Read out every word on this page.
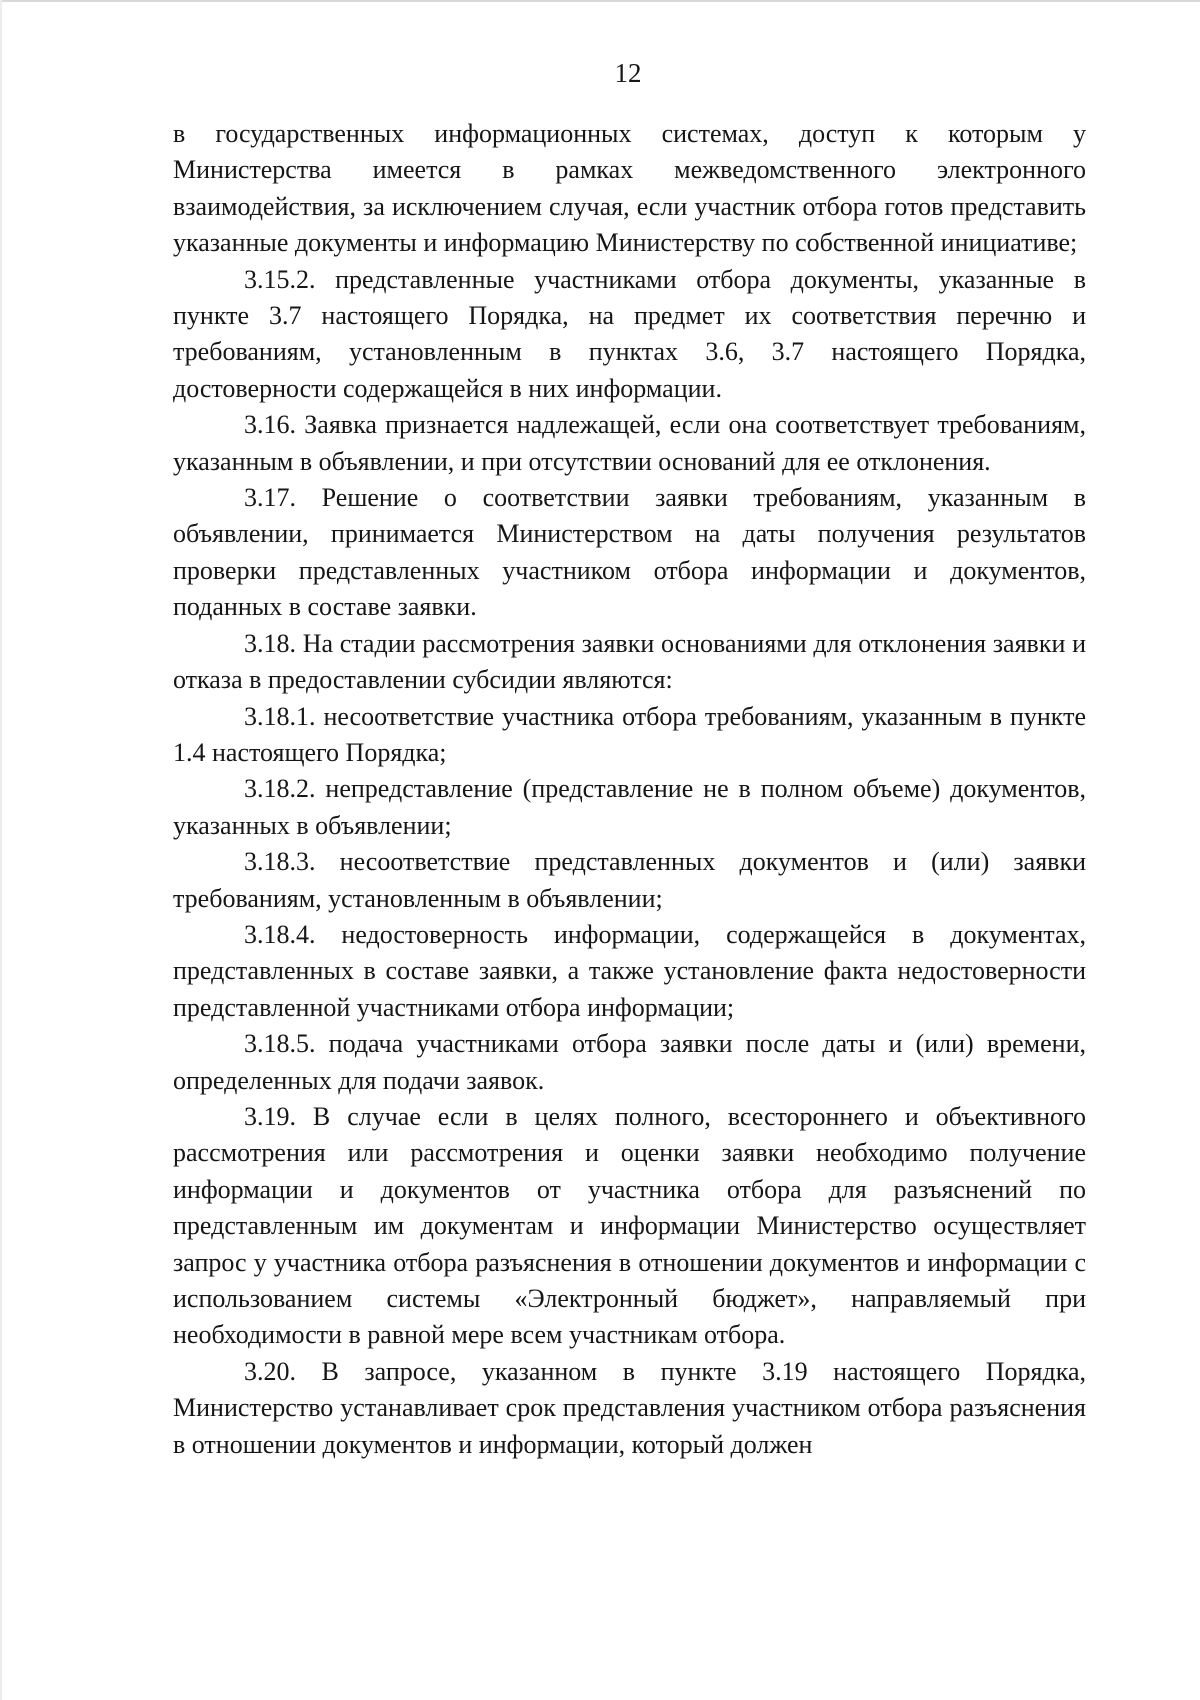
12

в государственных информационных системах, доступ к которым у Министерства имеется в рамках межведомственного электронного взаимодействия, за исключением случая, если участник отбора готов представить указанные документы и информацию Министерству по собственной инициативе;

3.15.2. представленные участниками отбора документы, указанные в пункте 3.7 настоящего Порядка, на предмет их соответствия перечню и требованиям, установленным в пунктах 3.6, 3.7 настоящего Порядка, достоверности содержащейся в них информации.

3.16. Заявка признается надлежащей, если она соответствует требованиям, указанным в объявлении, и при отсутствии оснований для ее отклонения.

3.17. Решение о соответствии заявки требованиям, указанным в объявлении, принимается Министерством на даты получения результатов проверки представленных участником отбора информации и документов, поданных в составе заявки.

3.18. На стадии рассмотрения заявки основаниями для отклонения заявки и отказа в предоставлении субсидии являются:

3.18.1. несоответствие участника отбора требованиям, указанным в пункте 1.4 настоящего Порядка;

3.18.2. непредставление (представление не в полном объеме) документов, указанных в объявлении;

3.18.3. несоответствие представленных документов и (или) заявки требованиям, установленным в объявлении;

3.18.4. недостоверность информации, содержащейся в документах, представленных в составе заявки, а также установление факта недостоверности представленной участниками отбора информации;

3.18.5. подача участниками отбора заявки после даты и (или) времени, определенных для подачи заявок.

3.19. В случае если в целях полного, всестороннего и объективного рассмотрения или рассмотрения и оценки заявки необходимо получение информации и документов от участника отбора для разъяснений по представленным им документам и информации Министерство осуществляет запрос у участника отбора разъяснения в отношении документов и информации с использованием системы «Электронный бюджет», направляемый при необходимости в равной мере всем участникам отбора.

3.20. В запросе, указанном в пункте 3.19 настоящего Порядка, Министерство устанавливает срок представления участником отбора разъяснения в отношении документов и информации, который должен
